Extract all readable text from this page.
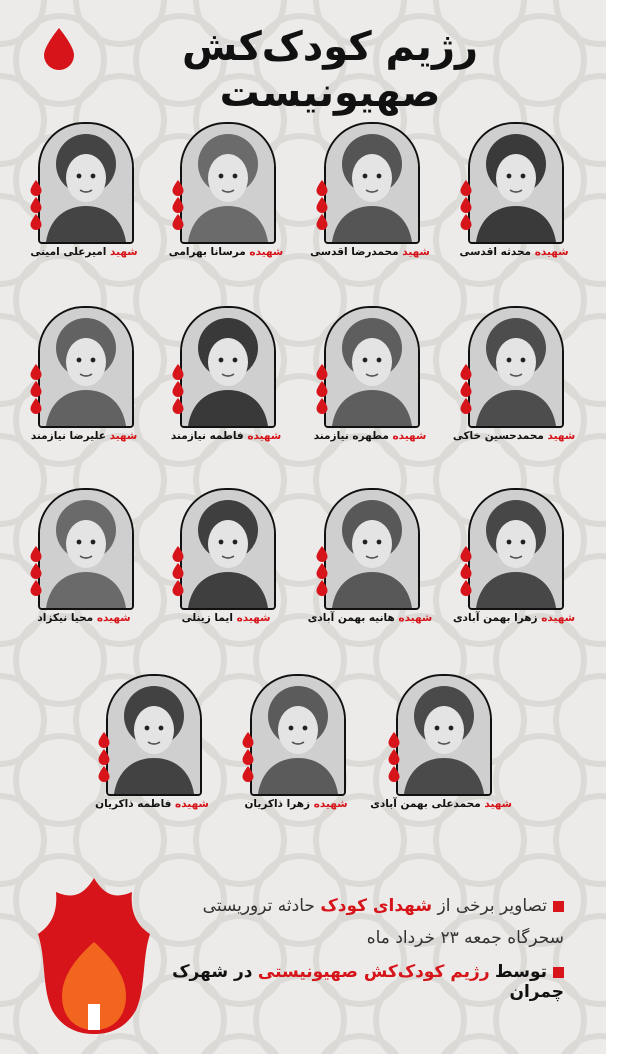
رژیم کودک‌کش صهیونیست
شهیده محدثه اقدسی
شهید محمدرضا اقدسی
شهیده مرسانا بهرامی
شهید امیرعلی امینی
شهید محمدحسین خاکی
شهیده مطهره نیازمند
شهیده فاطمه نیازمند
شهید علیرضا نیازمند
شهیده زهرا بهمن آباد‌ی
شهیده هانیه بهمن آباد‌ی
شهیده ایما زینلی
شهیده محیا نیکزاد
شهید محمدعلی بهمن آبادی
شهیده زهرا ذاکریان
شهیده فاطمه ذاکریان
تصاویر برخی از شهدای کودک حادثه تروریستی
سحرگاه جمعه ۲۳ خرداد ماه
توسط رژیم کودک‌کش صهیونیستی در شهرک چمران
